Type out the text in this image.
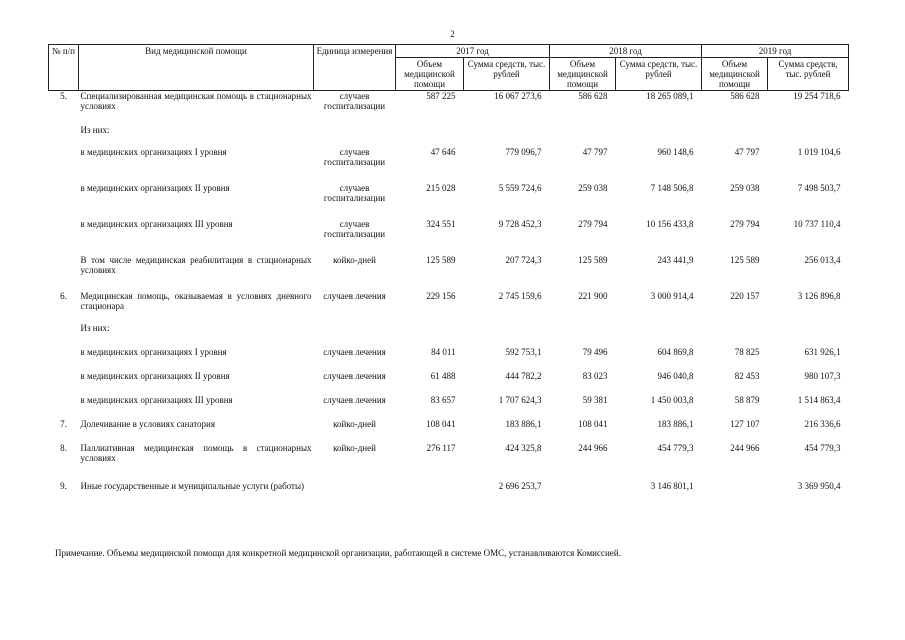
2
№ п/п	Вид медицинской помощи	Единица измерения	2017 год		2018 год		2019 год	
			Объем медицинской помощи	Сумма средств, тыс. рублей	Объем медицинской помощи	Сумма средств, тыс. рублей	Объем медицинской помощи	Сумма средств, тыс. рублей
5.	Специализированная медицинская помощь в стационарных условиях	случаев госпитализации	587 225	16 067 273,6	586 628	18 265 089,1	586 628	19 254 718,6
	Из них:							
	в медицинских организациях I уровня	случаев госпитализации	47 646	779 096,7	47 797	960 148,6	47 797	1 019 104,6
	в медицинских организациях II уровня	случаев госпитализации	215 028	5 559 724,6	259 038	7 148 506,8	259 038	7 498 503,7
	в медицинских организациях III уровня	случаев госпитализации	324 551	9 728 452,3	279 794	10 156 433,8	279 794	10 737 110,4
	В том числе медицинская реабилитация в стационарных условиях	койко-дней	125 589	207 724,3	125 589	243 441,9	125 589	256 013,4
6.	Медицинская помощь, оказываемая в условиях дневного стационара	случаев лечения	229 156	2 745 159,6	221 900	3 000 914,4	220 157	3 126 896,8
	Из них:							
	в медицинских организациях I уровня	случаев лечения	84 011	592 753,1	79 496	604 869,8	78 825	631 926,1
	в медицинских организациях II уровня	случаев лечения	61 488	444 782,2	83 023	946 040,8	82 453	980 107,3
	в медицинских организациях III уровня	случаев лечения	83 657	1 707 624,3	59 381	1 450 003,8	58 879	1 514 863,4
7.	Долечивание в условиях санатория	койко-дней	108 041	183 886,1	108 041	183 886,1	127 107	216 336,6
8.	Паллиативная медицинская помощь в стационарных условиях	койко-дней	276 117	424 325,8	244 966	454 779,3	244 966	454 779,3
9.	Иные государственные и муниципальные услуги (работы)			2 696 253,7		3 146 801,1		3 369 950,4
Примечание. Объемы медицинской помощи для конкретной медицинской организации, работающей в системе ОМС, устанавливаются Комиссией.
